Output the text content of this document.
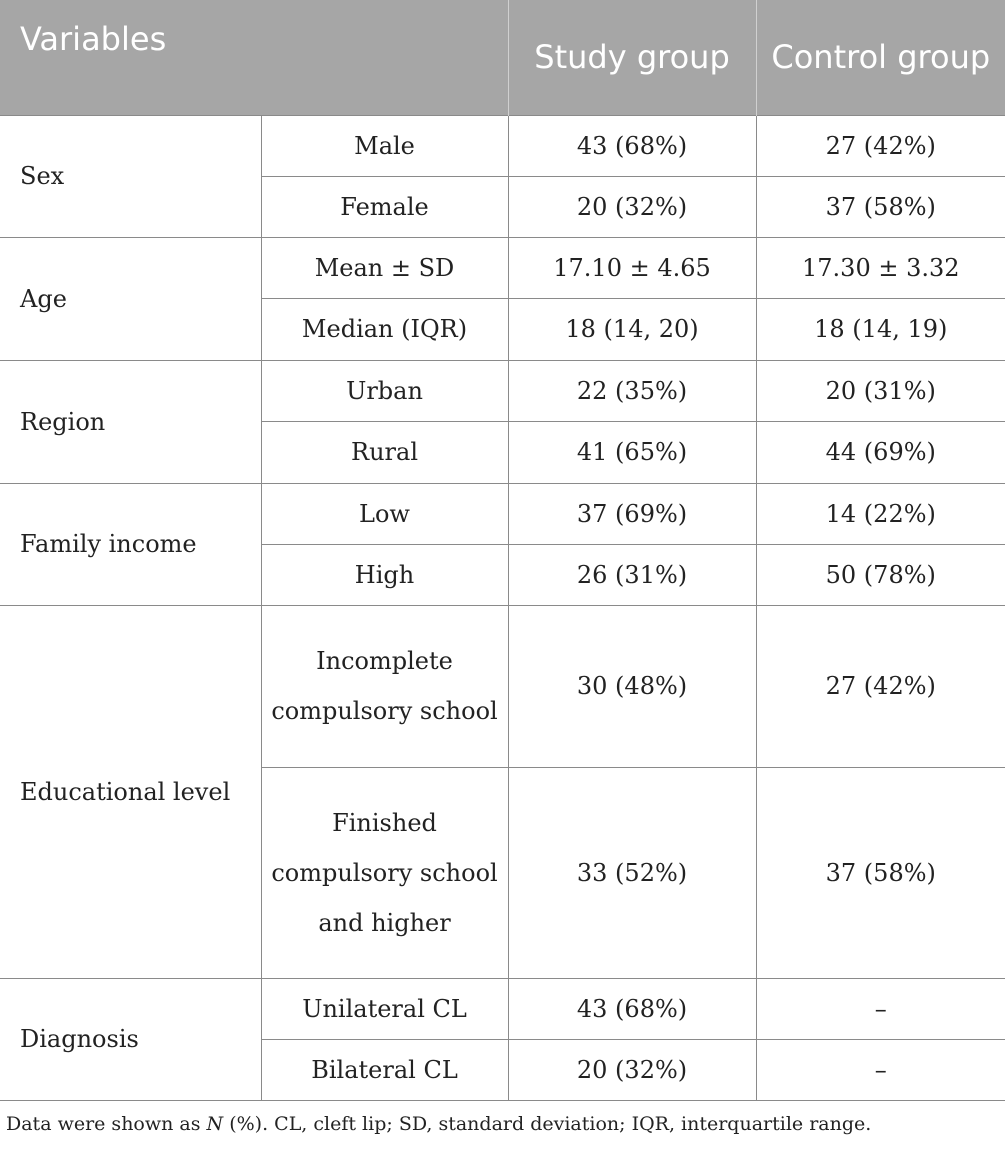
Variables		Study group	Control group
Sex	Male	43 (68%)	27 (42%)
	Female	20 (32%)	37 (58%)
Age	Mean ± SD	17.10 ± 4.65	17.30 ± 3.32
	Median (IQR)	18 (14, 20)	18 (14, 19)
Region	Urban	22 (35%)	20 (31%)
	Rural	41 (65%)	44 (69%)
Family income	Low	37 (69%)	14 (22%)
	High	26 (31%)	50 (78%)
Educational level	Incomplete compulsory school	30 (48%)	27 (42%)
	Finished compulsory school and higher	33 (52%)	37 (58%)
Diagnosis	Unilateral CL	43 (68%)	–
	Bilateral CL	20 (32%)	–
Data were shown as N (%). CL, cleft lip; SD, standard deviation; IQR, interquartile range.
